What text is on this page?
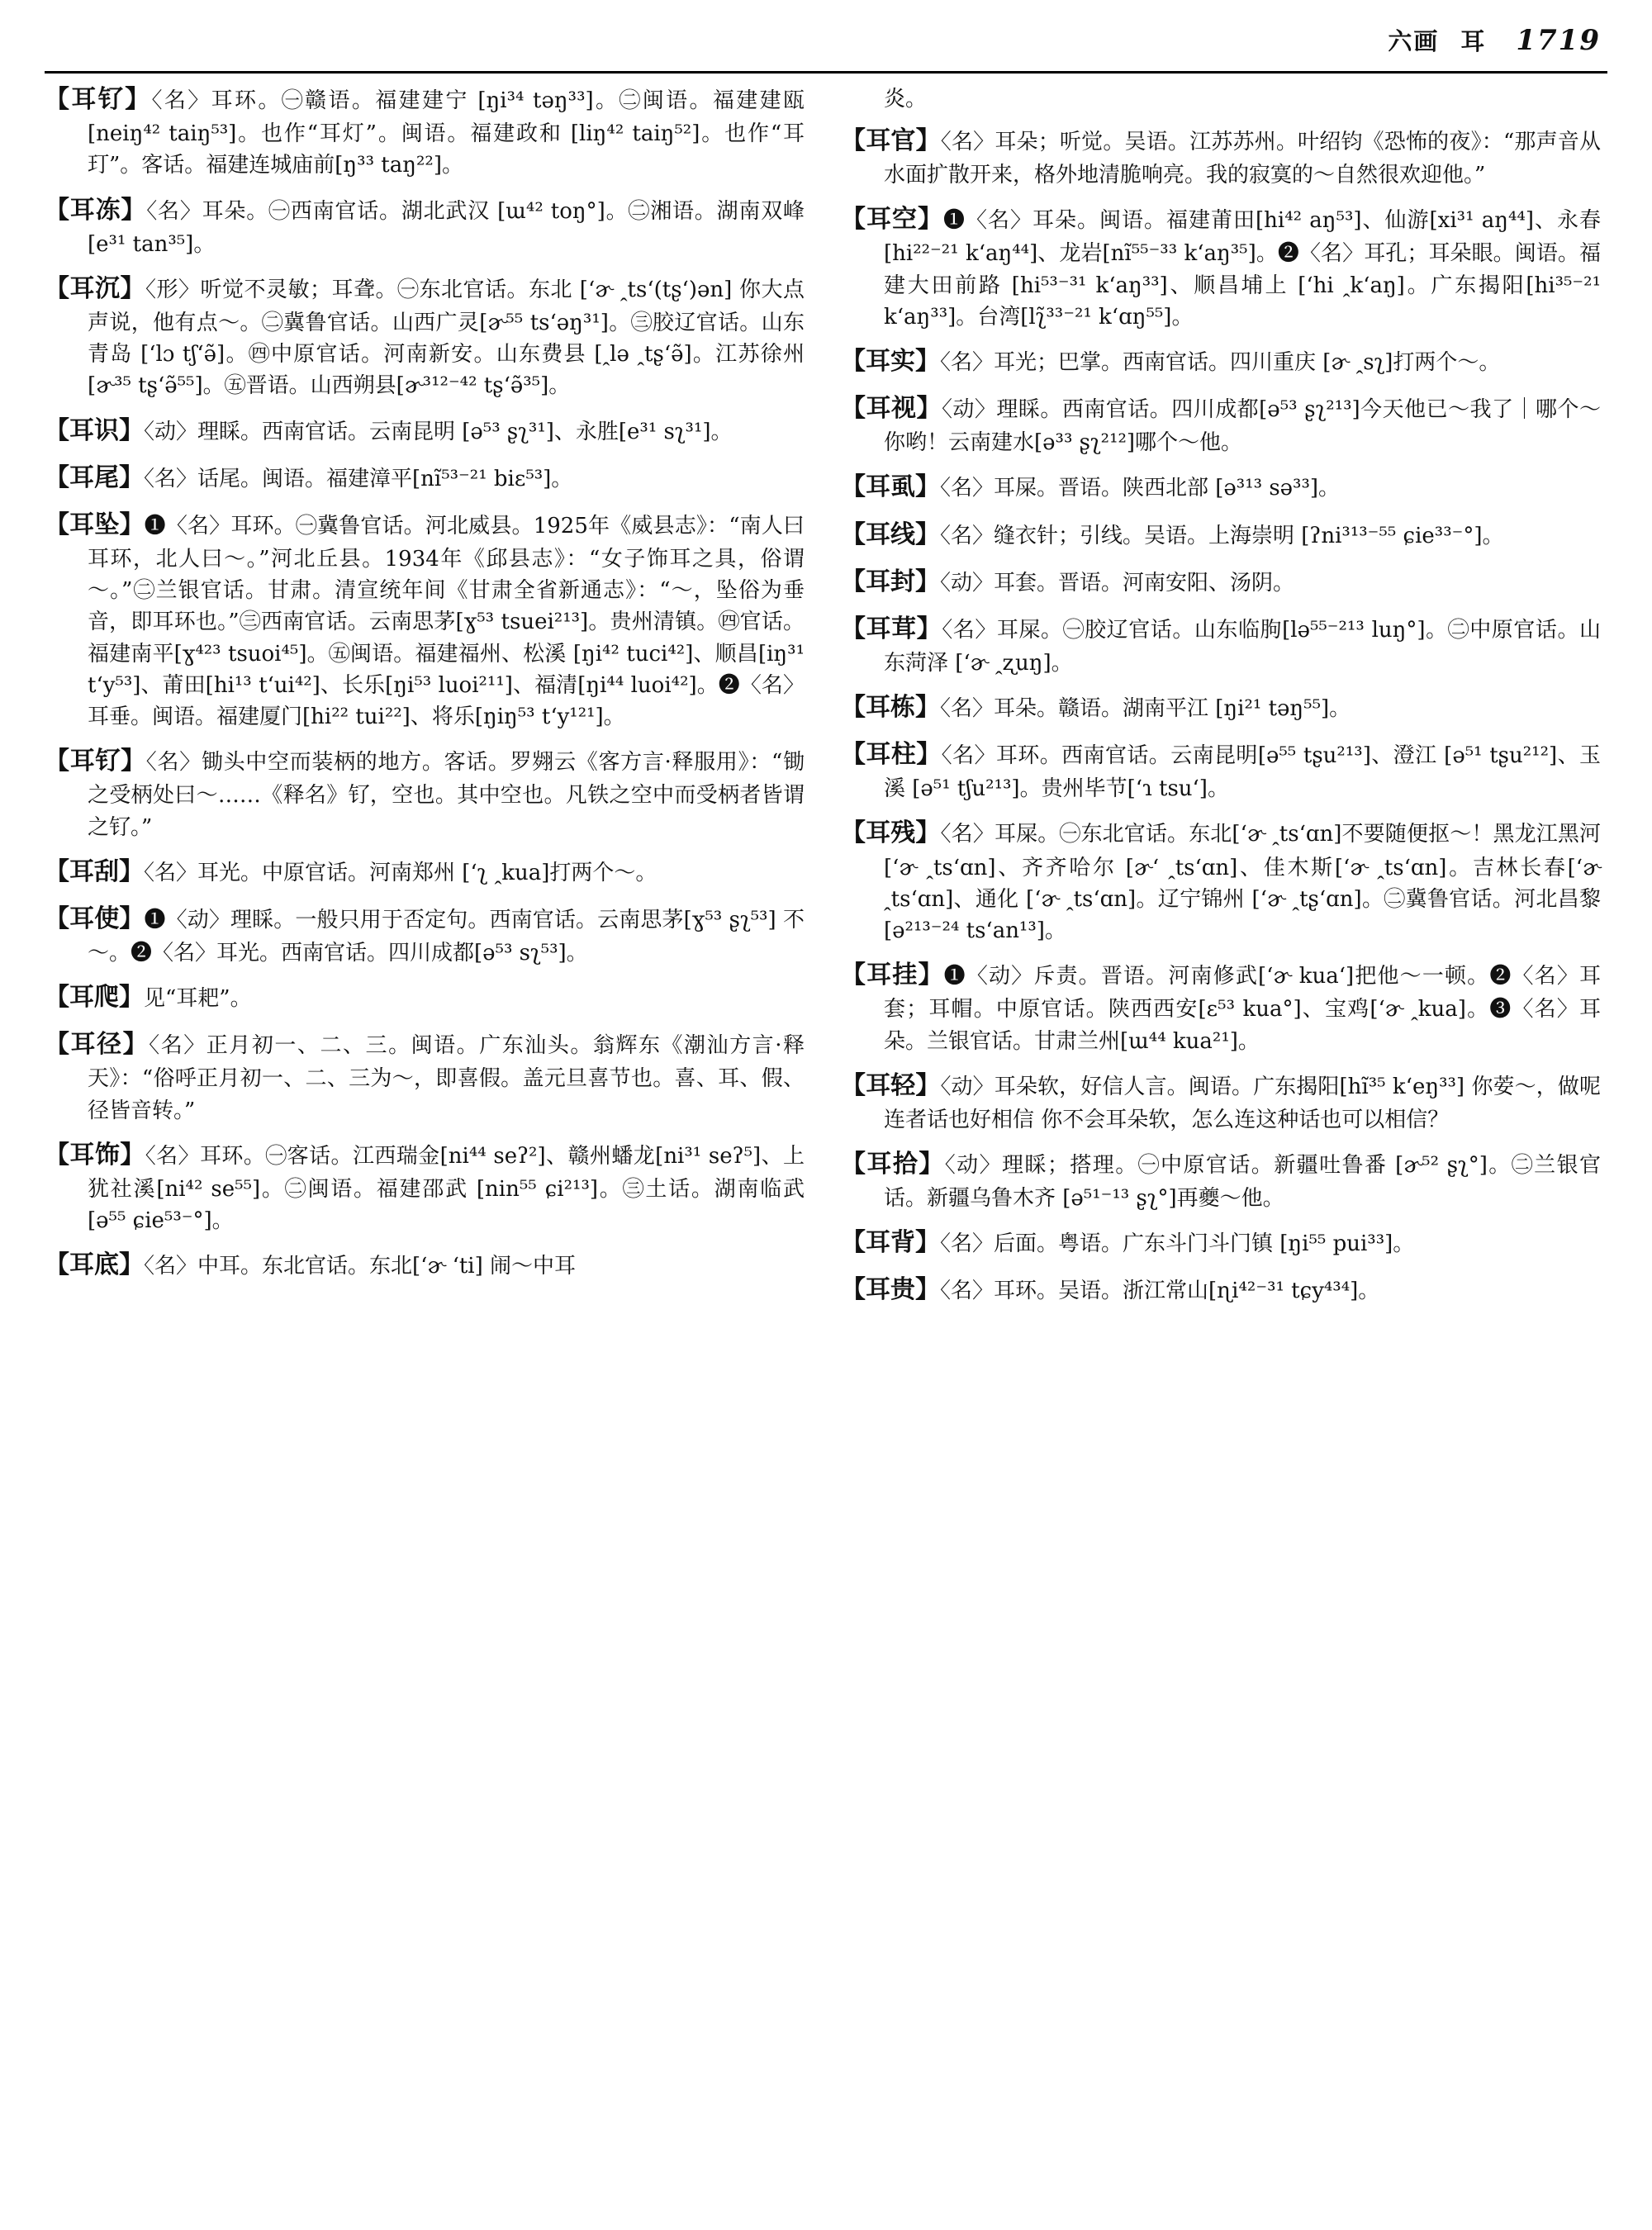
六画 耳 1719

【耳钌】〈名〉耳环。㊀赣语。福建建宁 [ŋi³⁴ təŋ³³]。㊁闽语。福建建瓯[neiŋ⁴² taiŋ⁵³]。也作“耳灯”。闽语。福建政和 [liŋ⁴² taiŋ⁵²]。也作“耳玎”。客话。福建连城庙前[ŋ³³ taŋ²²]。

【耳冻】〈名〉耳朵。㊀西南官话。湖北武汉 [ɯ⁴² toŋ°]。㊁湘语。湖南双峰[e³¹ tan³⁵]。

【耳沉】〈形〉听觉不灵敏；耳聋。㊀东北官话。东北 [ʻɚ ꞈtsʻ(tʂʻ)ən] 你大点声说，他有点～。㊁冀鲁官话。山西广灵[ɚ⁵⁵ tsʻəŋ³¹]。㊂胶辽官话。山东青岛 [ʻlɔ tʃʻə̃]。㊃中原官话。河南新安。山东费县 [ꞈlə ꞈtʂʻə̃]。江苏徐州[ɚ³⁵ tʂʻə̃⁵⁵]。㊄晋语。山西朔县[ɚ³¹²⁻⁴² tʂʻə̃³⁵]。

【耳识】〈动〉理睬。西南官话。云南昆明 [ə⁵³ ʂʅ³¹]、永胜[e³¹ sʅ³¹]。

【耳尾】〈名〉话尾。闽语。福建漳平[nĩ⁵³⁻²¹ biɛ⁵³]。

【耳坠】❶〈名〉耳环。㊀冀鲁官话。河北威县。1925年《威县志》：“南人曰耳环，北人曰～。”河北丘县。1934年《邱县志》：“女子饰耳之具，俗谓～。”㊁兰银官话。甘肃。清宣统年间《甘肃全省新通志》：“～，坠俗为垂音，即耳环也。”㊂西南官话。云南思茅[ɣ⁵³ tsuei²¹³]。贵州清镇。㊃官话。福建南平[ɣ⁴²³ tsuoi⁴⁵]。㊄闽语。福建福州、松溪 [ŋi⁴² tuci⁴²]、顺昌[iŋ³¹ tʻy⁵³]、莆田[hi¹³ tʻui⁴²]、长乐[ŋi⁵³ luoi²¹¹]、福清[ŋi⁴⁴ luoi⁴²]。❷〈名〉耳垂。闽语。福建厦门[hi²² tui²²]、将乐[ŋiŋ⁵³ tʻy¹²¹]。

【耳钌】〈名〉锄头中空而装柄的地方。客话。罗翙云《客方言·释服用》：“锄之受柄处曰～……《释名》钌，空也。其中空也。凡铁之空中而受柄者皆谓之钌。”

【耳刮】〈名〉耳光。中原官话。河南郑州 [ʻʅ ꞈkua]打两个～。

【耳使】❶〈动〉理睬。一般只用于否定句。西南官话。云南思茅[ɣ⁵³ ʂʅ⁵³] 不～。❷〈名〉耳光。西南官话。四川成都[ə⁵³ sʅ⁵³]。

【耳爬】见“耳耙”。

【耳径】〈名〉正月初一、二、三。闽语。广东汕头。翁辉东《潮汕方言·释天》：“俗呼正月初一、二、三为～，即喜假。盖元旦喜节也。喜、耳、假、径皆音转。”

【耳饰】〈名〉耳环。㊀客话。江西瑞金[ni⁴⁴ seʔ²]、赣州蟠龙[ni³¹ seʔ⁵]、上犹社溪[ni⁴² se⁵⁵]。㊁闽语。福建邵武 [nin⁵⁵ ɕi²¹³]。㊂土话。湖南临武 [ə⁵⁵ ɕie⁵³⁻°]。

【耳底】〈名〉中耳。东北官话。东北[ʻɚ ʻti] 闹～中耳

炎。

【耳官】〈名〉耳朵；听觉。吴语。江苏苏州。叶绍钧《恐怖的夜》：“那声音从水面扩散开来，格外地清脆响亮。我的寂寞的～自然很欢迎他。”

【耳空】❶〈名〉耳朵。闽语。福建莆田[hi⁴² aŋ⁵³]、仙游[xi³¹ aŋ⁴⁴]、永春[hi²²⁻²¹ kʻaŋ⁴⁴]、龙岩[nĩ⁵⁵⁻³³ kʻaŋ³⁵]。❷〈名〉耳孔；耳朵眼。闽语。福建大田前路 [hi⁵³⁻³¹ kʻaŋ³³]、顺昌埔上 [ʻhi ꞈkʻaŋ]。广东揭阳[hi³⁵⁻²¹ kʻaŋ³³]。台湾[lʅ̃³³⁻²¹ kʻɑŋ⁵⁵]。

【耳实】〈名〉耳光；巴掌。西南官话。四川重庆 [ɚ ꞈsʅ]打两个～。

【耳视】〈动〉理睬。西南官话。四川成都[ə⁵³ ʂʅ²¹³]今天他已～我了｜哪个～你哟！云南建水[ə³³ ʂʅ²¹²]哪个～他。

【耳虱】〈名〉耳屎。晋语。陕西北部 [ə³¹³ sə³³]。

【耳线】〈名〉缝衣针；引线。吴语。上海崇明 [ʔni³¹³⁻⁵⁵ ɕie³³⁻°]。

【耳封】〈动〉耳套。晋语。河南安阳、汤阴。

【耳茸】〈名〉耳屎。㊀胶辽官话。山东临朐[lə⁵⁵⁻²¹³ luŋ°]。㊁中原官话。山东菏泽 [ʻɚ ꞈʐuŋ]。

【耳栋】〈名〉耳朵。赣语。湖南平江 [ŋi²¹ təŋ⁵⁵]。

【耳柱】〈名〉耳环。西南官话。云南昆明[ə⁵⁵ tʂu²¹³]、澄江 [ə⁵¹ tʂu²¹²]、玉溪 [ə⁵¹ tʃu²¹³]。贵州毕节[ʻɿ tsuʻ]。

【耳残】〈名〉耳屎。㊀东北官话。东北[ʻɚ ꞈtsʻɑn]不要随便抠～！黑龙江黑河 [ʻɚ ꞈtsʻɑn]、齐齐哈尔 [ɚʻ ꞈtsʻɑn]、佳木斯[ʻɚ ꞈtsʻɑn]。吉林长春[ʻɚ ꞈtsʻɑn]、通化 [ʻɚ ꞈtsʻɑn]。辽宁锦州 [ʻɚ ꞈtʂʻɑn]。㊁冀鲁官话。河北昌黎[ə²¹³⁻²⁴ tsʻan¹³]。

【耳挂】❶〈动〉斥责。晋语。河南修武[ʻɚ kuaʻ]把他～一顿。❷〈名〉耳套；耳帽。中原官话。陕西西安[ɛ⁵³ kua°]、宝鸡[ʻɚ ꞈkua]。❸〈名〉耳朵。兰银官话。甘肃兰州[ɯ⁴⁴ kua²¹]。

【耳轻】〈动〉耳朵软，好信人言。闽语。广东揭阳[hĩ³⁵ kʻeŋ³³] 你荌～，做呢连者话也好相信 你不会耳朵软，怎么连这种话也可以相信？

【耳拾】〈动〉理睬；搭理。㊀中原官话。新疆吐鲁番 [ɚ⁵² ʂʅ°]。㊁兰银官话。新疆乌鲁木齐 [ə⁵¹⁻¹³ ʂʅ°]再夔～他。

【耳背】〈名〉后面。粤语。广东斗门斗门镇 [ŋi⁵⁵ pui³³]。

【耳贵】〈名〉耳环。吴语。浙江常山[ɳi⁴²⁻³¹ tɕy⁴³⁴]。
